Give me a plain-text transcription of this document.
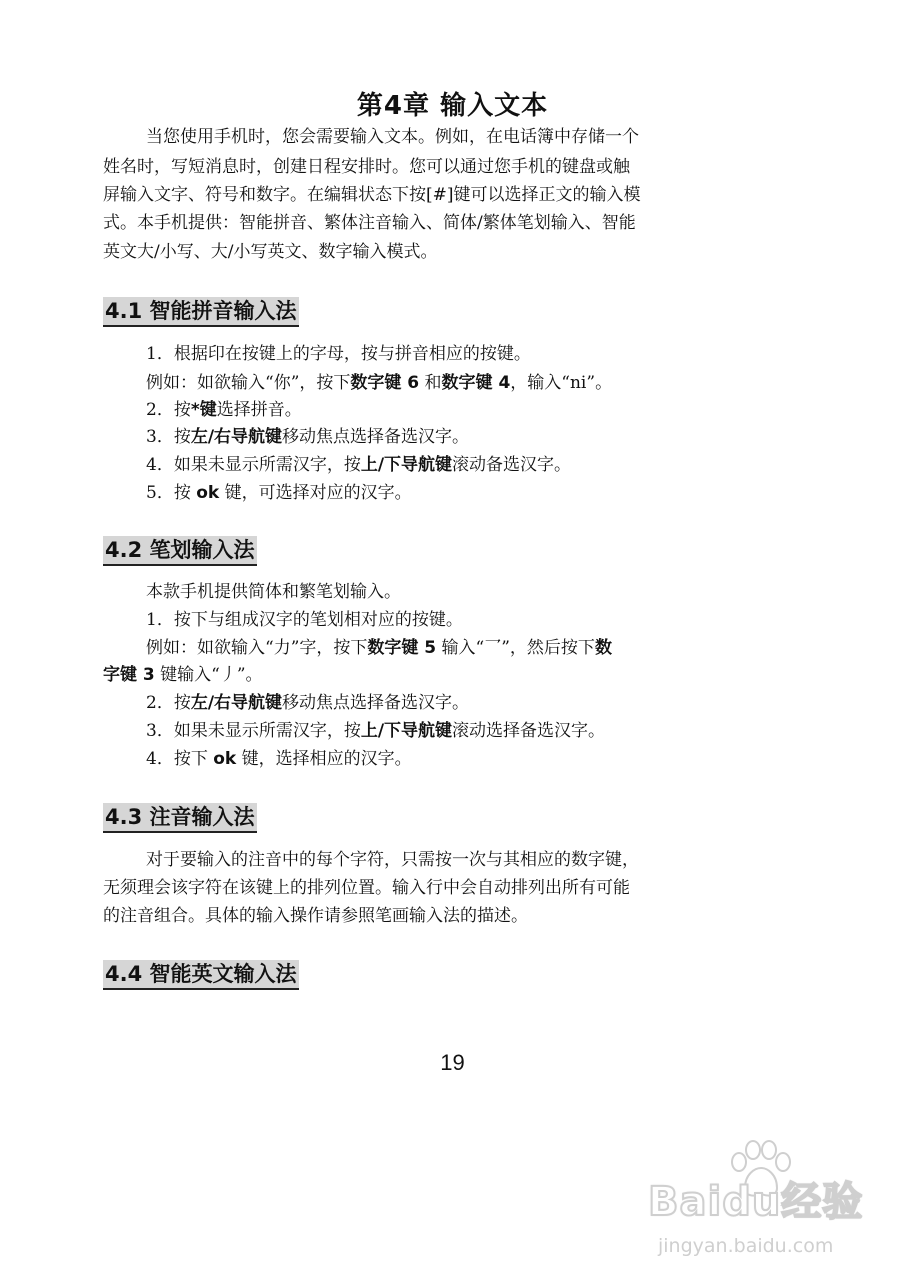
第4章 输入文本
当您使用手机时，您会需要输入文本。例如，在电话簿中存储一个
姓名时，写短消息时，创建日程安排时。您可以通过您手机的键盘或触
屏输入文字、符号和数字。在编辑状态下按[#]键可以选择正文的输入模
式。本手机提供：智能拼音、繁体注音输入、简体/繁体笔划输入、智能
英文大/小写、大/小写英文、数字输入模式。
4.1 智能拼音输入法
1．根据印在按键上的字母，按与拼音相应的按键。
例如：如欲输入“你”，按下数字键 6 和数字键 4，输入“ni”。
2．按*键选择拼音。
3．按左/右导航键移动焦点选择备选汉字。
4．如果未显示所需汉字，按上/下导航键滚动备选汉字。
5．按 ok 键，可选择对应的汉字。
4.2 笔划输入法
本款手机提供简体和繁笔划输入。
1．按下与组成汉字的笔划相对应的按键。
例如：如欲输入“力”字，按下数字键 5 输入“乛”，然后按下数
字键 3 键输入“丿”。
2．按左/右导航键移动焦点选择备选汉字。
3．如果未显示所需汉字，按上/下导航键滚动选择备选汉字。
4．按下 ok 键，选择相应的汉字。
4.3 注音输入法
对于要输入的注音中的每个字符，只需按一次与其相应的数字键，
无须理会该字符在该键上的排列位置。输入行中会自动排列出所有可能
的注音组合。具体的输入操作请参照笔画输入法的描述。
4.4 智能英文输入法
19
Baidu经验
jingyan.baidu.com
